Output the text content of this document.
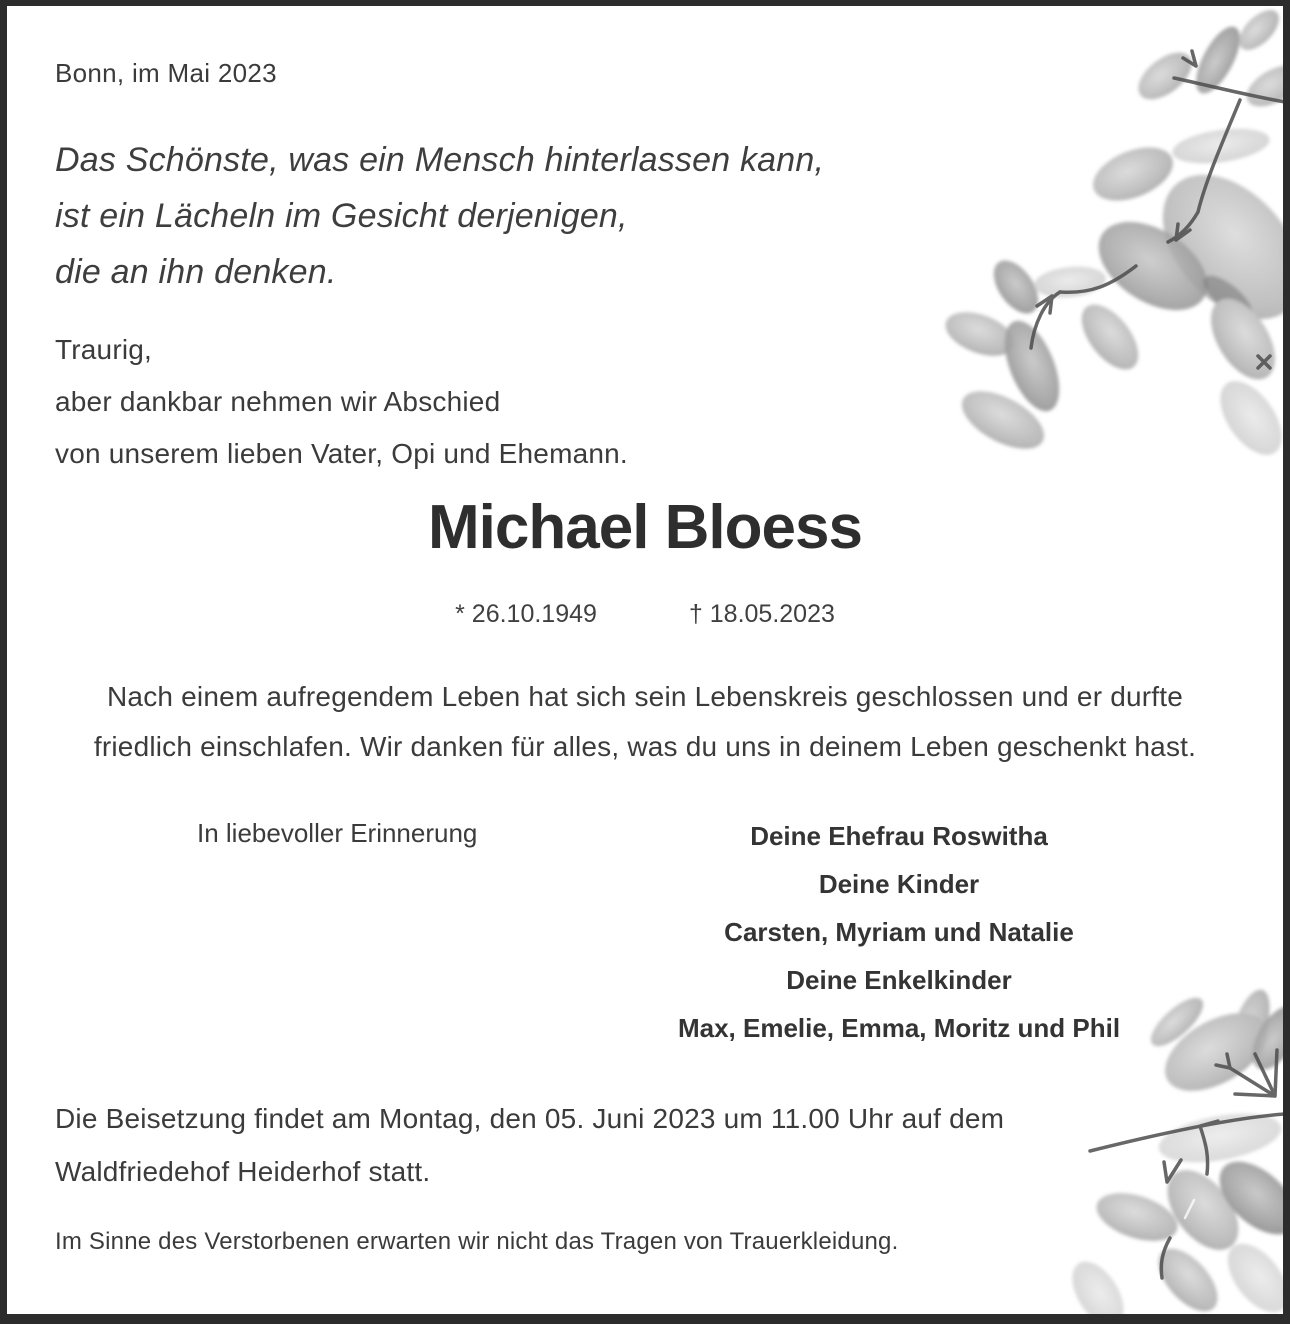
Bonn, im Mai 2023
Das Schönste, was ein Mensch hinterlassen kann,
ist ein Lächeln im Gesicht derjenigen,
die an ihn denken.
Traurig,
aber dankbar nehmen wir Abschied
von unserem lieben Vater, Opi und Ehemann.
Michael Bloess
* 26.10.1949	† 18.05.2023
Nach einem aufregendem Leben hat sich sein Lebenskreis geschlossen und er durfte
friedlich einschlafen. Wir danken für alles, was du uns in deinem Leben geschenkt hast.
In liebevoller Erinnerung	Deine Ehefrau Roswitha
Deine Kinder
Carsten, Myriam und Natalie
Deine Enkelkinder
Max, Emelie, Emma, Moritz und Phil
Die Beisetzung findet am Montag, den 05. Juni 2023 um 11.00 Uhr auf dem
Waldfriedehof Heiderhof statt.
Im Sinne des Verstorbenen erwarten wir nicht das Tragen von Trauerkleidung.
